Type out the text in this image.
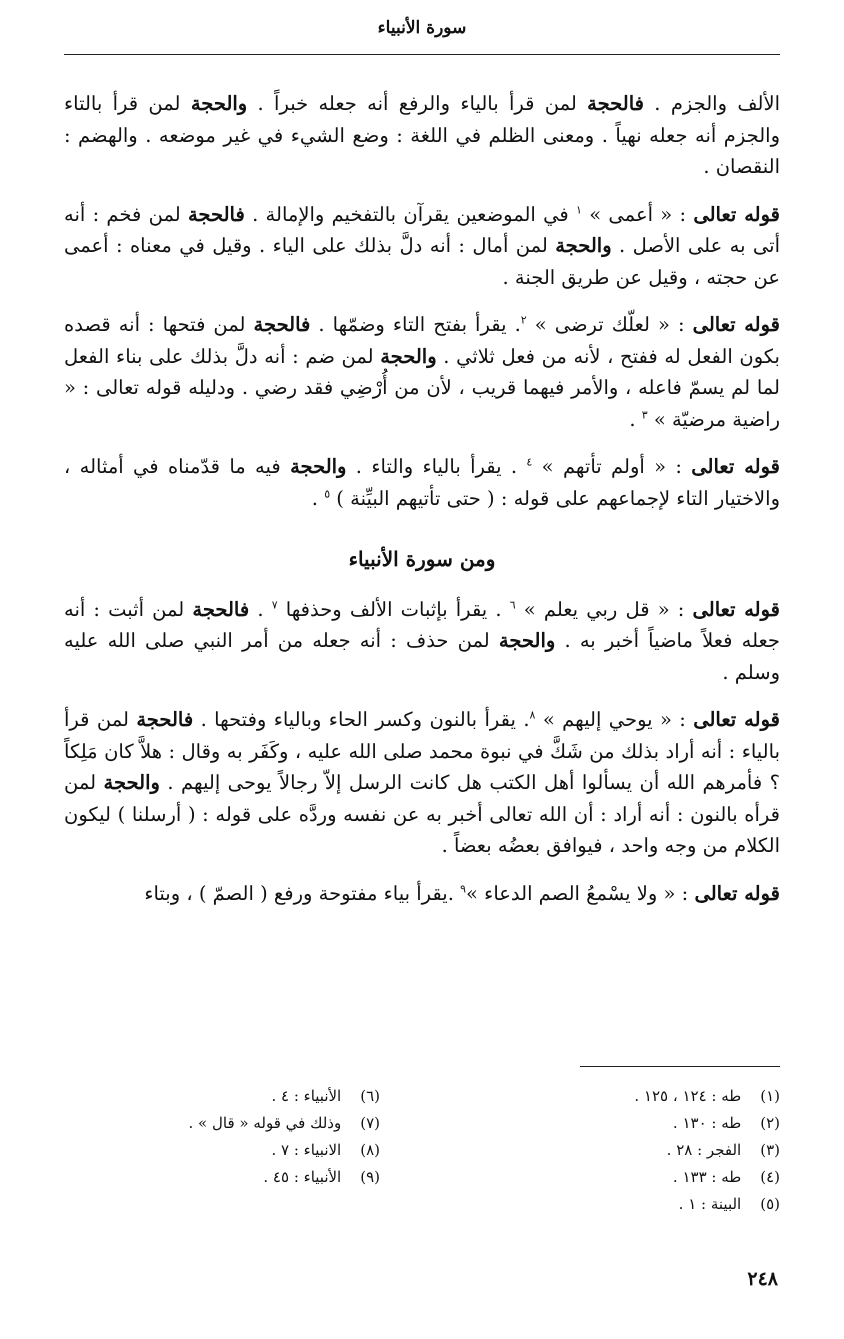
سورة الأنبياء

الألف والجزم . فالحجة لمن قرأ بالياء والرفع أنه جعله خبراً . والحجة لمن قرأ بالتاء والجزم أنه جعله نهياً . ومعنى الظلم في اللغة : وضع الشيء في غير موضعه . والهضم : النقصان .

قوله تعالى : « أعمى » $^١$ في الموضعين يقرآن بالتفخيم والإمالة . فالحجة لمن فخم : أنه أتى به على الأصل . والحجة لمن أمال : أنه دلَّ بذلك على الياء . وقيل في معناه : أعمى عن حجته ، وقيل عن طريق الجنة .

قوله تعالى : « لعلّك ترضى » $^٢$. يقرأ بفتح التاء وضمّها . فالحجة لمن فتحها : أنه قصده بكون الفعل له ففتح ، لأنه من فعل ثلاثي . والحجة لمن ضم : أنه دلَّ بذلك على بناء الفعل لما لم يسمّ فاعله ، والأمر فيهما قريب ، لأن من أُرْضِي فقد رضي . ودليله قوله تعالى : « راضية مرضيّة » $^٣$ .

قوله تعالى : « أولم تأتهم » $^٤$ . يقرأ بالياء والتاء . والحجة فيه ما قدّمناه في أمثاله ، والاختيار التاء لإجماعهم على قوله : ( حتى تأتيهم البيِّنة ) $^٥$ .

ومن سورة الأنبياء

قوله تعالى : « قل ربي يعلم » $^٦$ . يقرأ بإثبات الألف وحذفها $^٧$ . فالحجة لمن أثبت : أنه جعله فعلاً ماضياً أخبر به . والحجة لمن حذف : أنه جعله من أمر النبي صلى الله عليه وسلم .

قوله تعالى : « يوحي إليهم » $^٨$. يقرأ بالنون وكسر الحاء وبالياء وفتحها . فالحجة لمن قرأ بالياء : أنه أراد بذلك من شَكَّ في نبوة محمد صلى الله عليه ، وكَفَر به وقال : هلاَّ كان مَلِكاً ؟ فأمرهم الله أن يسألوا أهل الكتب هل كانت الرسل إلاّ رجالاً يوحى إليهم . والحجة لمن قرأه بالنون : أنه أراد : أن الله تعالى أخبر به عن نفسه وردَّه على قوله : ( أرسلنا ) ليكون الكلام من وجه واحد ، فيوافق بعضُه بعضاً .

قوله تعالى : « ولا يسْمعُ الصم الدعاء »$^٩$ .يقرأ بياء مفتوحة ورفع ( الصمّ ) ، وبتاء

(١) طه : ١٢٤ ، ١٢٥ .
(٢) طه : ١٣٠ .
(٣) الفجر : ٢٨ .
(٤) طه : ١٣٣ .
(٥) البينة : ١ .
(٦) الأنبياء : ٤ .
(٧) وذلك في قوله « قال » .
(٨) الانبياء : ٧ .
(٩) الأنبياء : ٤٥ .
٢٤٨
